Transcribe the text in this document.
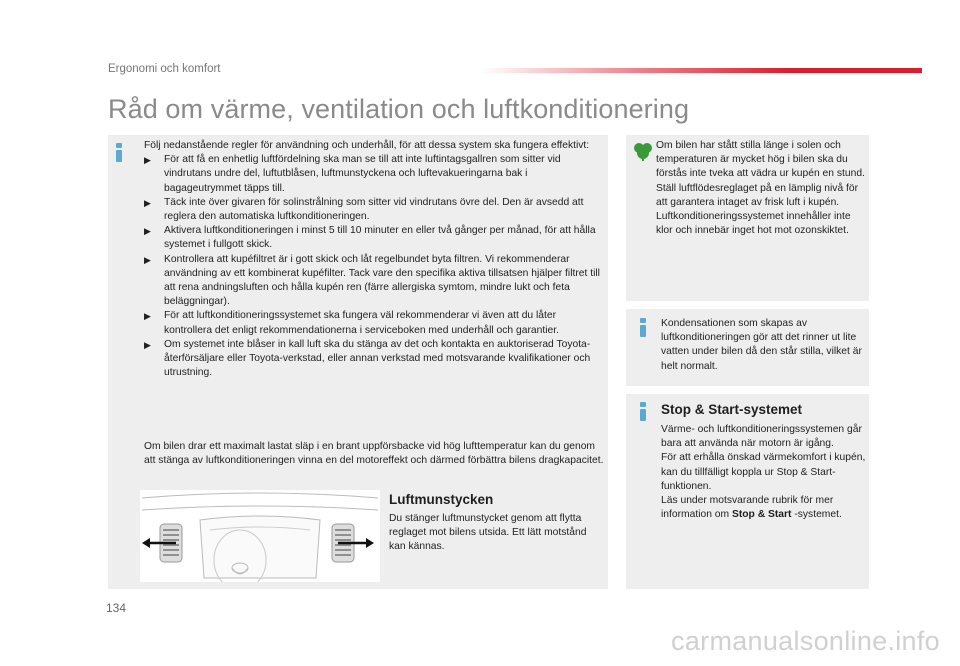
Ergonomi och komfort
Råd om värme, ventilation och luftkonditionering

Följ nedanstående regler för användning och underhåll, för att dessa system ska fungera effektivt:

▶ För att få en enhetlig luftfördelning ska man se till att inte luftintagsgallren som sitter vid vindrutans undre del, luftutblåsen, luftmunstyckena och luftevakueringarna bak i bagageutrymmet täpps till.
▶ Täck inte över givaren för solinstrålning som sitter vid vindrutans övre del. Den är avsedd att reglera den automatiska luftkonditioneringen.
▶ Aktivera luftkonditioneringen i minst 5 till 10 minuter en eller två gånger per månad, för att hålla systemet i fullgott skick.
▶ Kontrollera att kupéfiltret är i gott skick och låt regelbundet byta filtren. Vi rekommenderar användning av ett kombinerat kupéfilter. Tack vare den specifika aktiva tillsatsen hjälper filtret till att rena andningsluften och hålla kupén ren (färre allergiska symtom, mindre lukt och feta beläggningar).
▶ För att luftkonditioneringssystemet ska fungera väl rekommenderar vi även att du låter kontrollera det enligt rekommendationerna i serviceboken med underhåll och garantier.
▶ Om systemet inte blåser in kall luft ska du stänga av det och kontakta en auktoriserad Toyota-återförsäljare eller Toyota-verkstad, eller annan verkstad med motsvarande kvalifikationer och utrustning.

Om bilen drar ett maximalt lastat släp i en brant uppförsbacke vid hög lufttemperatur kan du genom att stänga av luftkonditioneringen vinna en del motoreffekt och därmed förbättra bilens dragkapacitet.

Luftmunstycken

Du stänger luftmunstycket genom att flytta reglaget mot bilens utsida. Ett lätt motstånd kan kännas.

Om bilen har stått stilla länge i solen och temperaturen är mycket hög i bilen ska du förstås inte tveka att vädra ur kupén en stund.
Ställ luftflödesreglaget på en lämplig nivå för att garantera intaget av frisk luft i kupén.
Luftkonditioneringssystemet innehåller inte klor och innebär inget hot mot ozonskiktet.

Kondensationen som skapas av luftkonditioneringen gör att det rinner ut lite vatten under bilen då den står stilla, vilket är helt normalt.

Stop & Start-systemet

Värme- och luftkonditioneringssystemen går bara att använda när motorn är igång.
För att erhålla önskad värmekomfort i kupén, kan du tillfälligt koppla ur Stop & Start-funktionen.
Läs under motsvarande rubrik för mer information om Stop & Start -systemet.

134
carmanualsonline.info
